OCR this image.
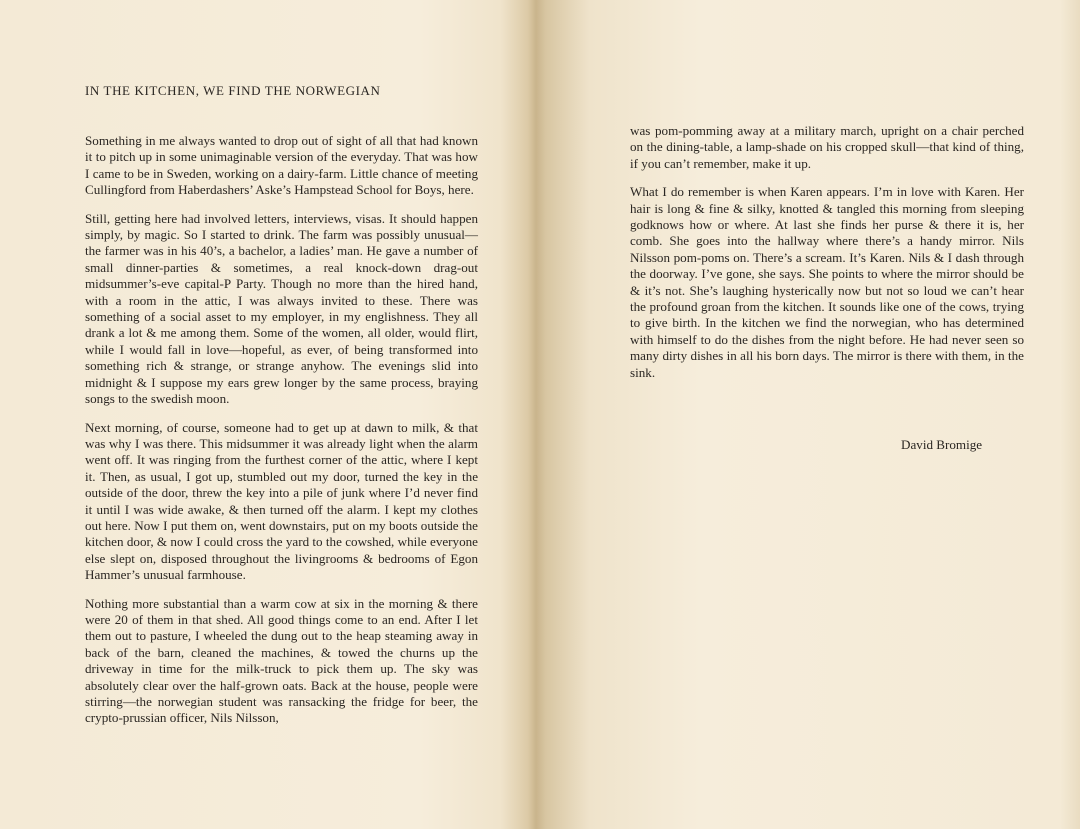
IN THE KITCHEN, WE FIND THE NORWEGIAN

Something in me always wanted to drop out of sight of all that had known it to pitch up in some unimaginable version of the everyday. That was how I came to be in Sweden, working on a dairy-farm. Little chance of meeting Cullingford from Haberdashers’ Aske’s Hampstead School for Boys, here.

Still, getting here had involved letters, interviews, visas. It should happen simply, by magic. So I started to drink. The farm was possibly unusual—the farmer was in his 40’s, a bachelor, a ladies’ man. He gave a number of small dinner-parties & sometimes, a real knock-down drag-out midsummer’s-eve capital-P Party. Though no more than the hired hand, with a room in the attic, I was always invited to these. There was something of a social asset to my employer, in my englishness. They all drank a lot & me among them. Some of the women, all older, would flirt, while I would fall in love—hopeful, as ever, of being transformed into something rich & strange, or strange anyhow. The evenings slid into midnight & I suppose my ears grew longer by the same process, braying songs to the swedish moon.

Next morning, of course, someone had to get up at dawn to milk, & that was why I was there. This midsummer it was already light when the alarm went off. It was ringing from the furthest corner of the attic, where I kept it. Then, as usual, I got up, stumbled out my door, turned the key in the outside of the door, threw the key into a pile of junk where I’d never find it until I was wide awake, & then turned off the alarm. I kept my clothes out here. Now I put them on, went downstairs, put on my boots outside the kitchen door, & now I could cross the yard to the cowshed, while everyone else slept on, disposed throughout the livingrooms & bedrooms of Egon Hammer’s unusual farmhouse.

Nothing more substantial than a warm cow at six in the morning & there were 20 of them in that shed. All good things come to an end. After I let them out to pasture, I wheeled the dung out to the heap steaming away in back of the barn, cleaned the machines, & towed the churns up the driveway in time for the milk-truck to pick them up. The sky was absolutely clear over the half-grown oats. Back at the house, people were stirring—the norwegian student was ransacking the fridge for beer, the crypto-prussian officer, Nils Nilsson,

was pom-pomming away at a military march, upright on a chair perched on the dining-table, a lamp-shade on his cropped skull—that kind of thing, if you can’t remember, make it up.

What I do remember is when Karen appears. I’m in love with Karen. Her hair is long & fine & silky, knotted & tangled this morning from sleeping godknows how or where. At last she finds her purse & there it is, her comb. She goes into the hallway where there’s a handy mirror. Nils Nilsson pom-poms on. There’s a scream. It’s Karen. Nils & I dash through the doorway. I’ve gone, she says. She points to where the mirror should be & it’s not. She’s laughing hysterically now but not so loud we can’t hear the profound groan from the kitchen. It sounds like one of the cows, trying to give birth. In the kitchen we find the norwegian, who has determined with himself to do the dishes from the night before. He had never seen so many dirty dishes in all his born days. The mirror is there with them, in the sink.

David Bromige
